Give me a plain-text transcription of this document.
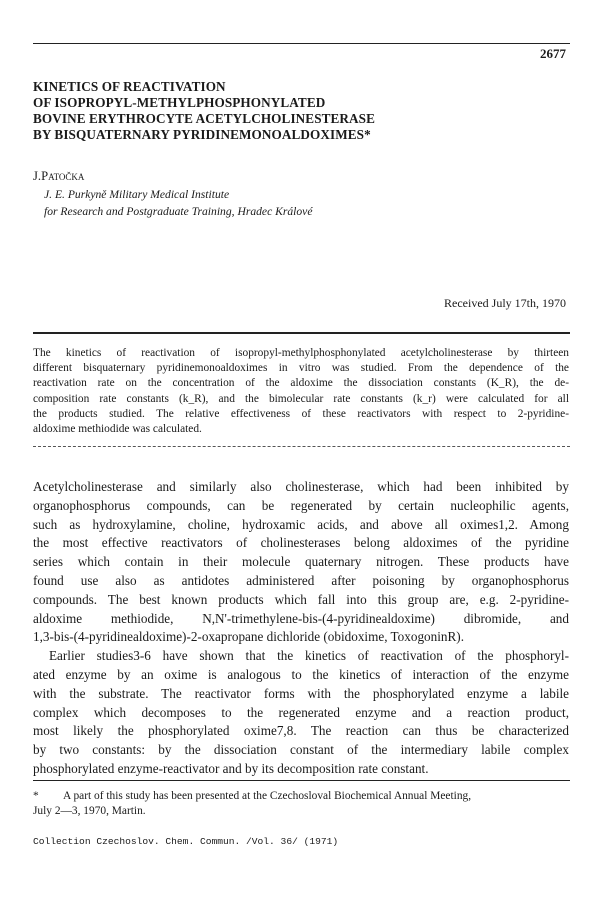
2677
KINETICS OF REACTIVATION
OF ISOPROPYL-METHYLPHOSPHONYLATED
BOVINE ERYTHROCYTE ACETYLCHOLINESTERASE
BY BISQUATERNARY PYRIDINEMONOALDOXIMES*
J.Patočka
J. E. Purkyně Military Medical Institute
for Research and Postgraduate Training, Hradec Králové
Received July 17th, 1970
The kinetics of reactivation of isopropyl-methylphosphonylated acetylcholinesterase by thirteen
different bisquaternary pyridinemonoaldoximes in vitro was studied. From the dependence of the
reactivation rate on the concentration of the aldoxime the dissociation constants (K_R), the de-
composition rate constants (k_R), and the bimolecular rate constants (k_r) were calculated for all
the products studied. The relative effectiveness of these reactivators with respect to 2-pyridine-
aldoxime methiodide was calculated.
Acetylcholinesterase and similarly also cholinesterase, which had been inhibited by
organophosphorus compounds, can be regenerated by certain nucleophilic agents,
such as hydroxylamine, choline, hydroxamic acids, and above all oximes1,2. Among
the most effective reactivators of cholinesterases belong aldoximes of the pyridine
series which contain in their molecule quaternary nitrogen. These products have
found use also as antidotes administered after poisoning by organophosphorus
compounds. The best known products which fall into this group are, e.g. 2-pyridine-
aldoxime methiodide, N,N'-trimethylene-bis-(4-pyridinealdoxime) dibromide, and
1,3-bis-(4-pyridinealdoxime)-2-oxapropane dichloride (obidoxime, ToxogoninR).
Earlier studies3-6 have shown that the kinetics of reactivation of the phosphoryl-
ated enzyme by an oxime is analogous to the kinetics of interaction of the enzyme
with the substrate. The reactivator forms with the phosphorylated enzyme a labile
complex which decomposes to the regenerated enzyme and a reaction product,
most likely the phosphorylated oxime7,8. The reaction can thus be characterized
by two constants: by the dissociation constant of the intermediary labile complex
phosphorylated enzyme-reactivator and by its decomposition rate constant.
* A part of this study has been presented at the Czechosloval Biochemical Annual Meeting,
July 2—3, 1970, Martin.
Collection Czechoslov. Chem. Commun. /Vol. 36/ (1971)
